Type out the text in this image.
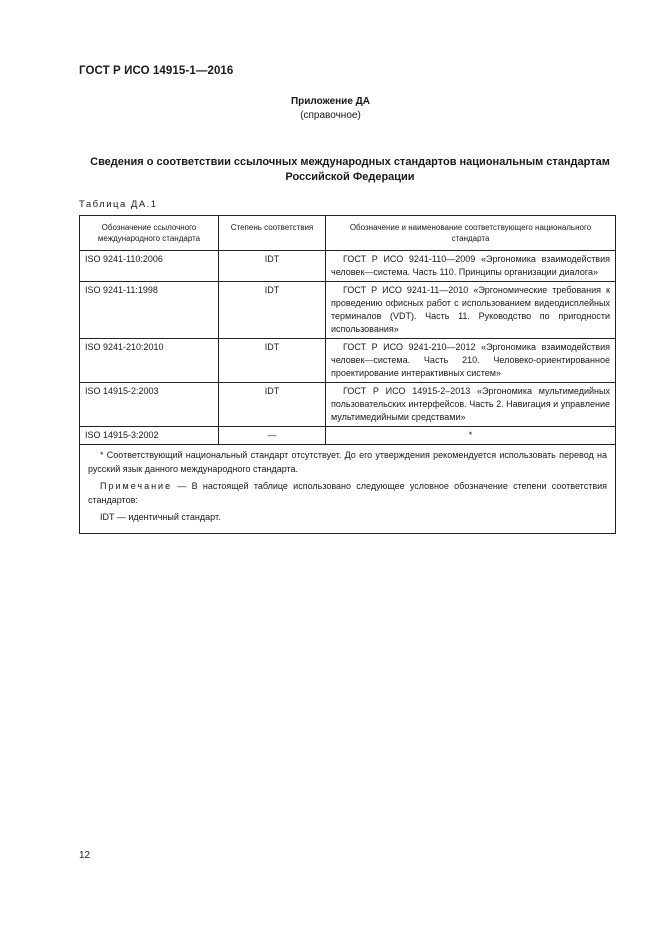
ГОСТ Р ИСО 14915-1—2016
Приложение ДА
(справочное)
Сведения о соответствии ссылочных международных стандартов национальным стандартам Российской Федерации
Таблица ДА.1
Обозначение ссылочного международного стандарта	Степень соответствия	Обозначение и наименование соответствующего национального стандарта
ISO 9241-110:2006	IDT	ГОСТ Р ИСО 9241-110—2009 «Эргономика взаимодействия человек—система. Часть 110. Принципы организации диалога»
ISO 9241-11:1998	IDT	ГОСТ Р ИСО 9241-11—2010 «Эргономические требования к проведению офисных работ с использованием видеодисплейных терминалов (VDT). Часть 11. Руководство по пригодности использования»
ISO 9241-210:2010	IDT	ГОСТ Р ИСО 9241-210—2012 «Эргономика взаимодействия человек—система. Часть 210. Человеко-ориентированное проектирование интерактивных систем»
ISO 14915-2:2003	IDT	ГОСТ Р ИСО 14915-2–2013 «Эргономика мультимедийных пользовательских интерфейсов. Часть 2. Навигация и управление мультимедийными средствами»
ISO 14915-3:2002	—	*

* Соответствующий национальный стандарт отсутствует. До его утверждения рекомендуется использовать перевод на русский язык данного международного стандарта.

Примечание — В настоящей таблице использовано следующее условное обозначение степени соответствия стандартов:

IDT — идентичный стандарт.		

12
